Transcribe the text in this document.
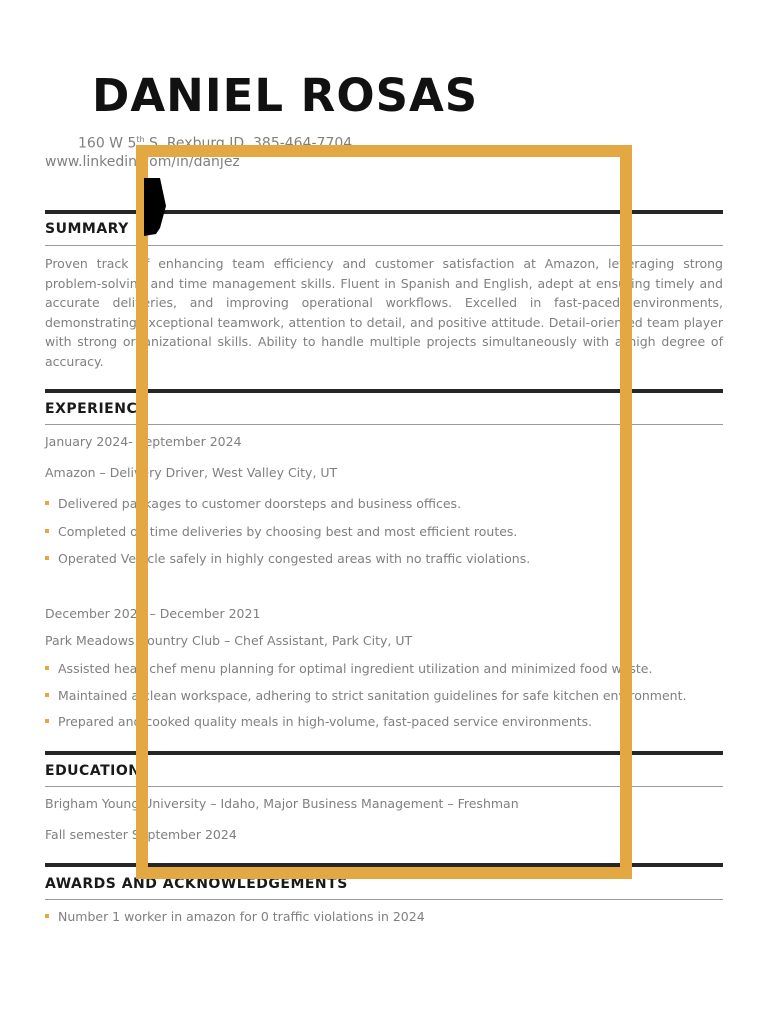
DANIEL ROSAS
160 W 5th S, Rexburg ID, 385-464-7704,
www.linkedin.com/in/danjez
SUMMARY
Proven track of enhancing team efficiency and customer satisfaction at Amazon, leveraging strong problem-solving and time management skills. Fluent in Spanish and English, adept at ensuring timely and accurate deliveries, and improving operational workflows. Excelled in fast-paced environments, demonstrating exceptional teamwork, attention to detail, and positive attitude. Detail-oriented team player with strong organizational skills. Ability to handle multiple projects simultaneously with a high degree of accuracy.
EXPERIENCE
January 2024- September 2024
Amazon – Delivery Driver, West Valley City, UT
Delivered packages to customer doorsteps and business offices.
Completed on time deliveries by choosing best and most efficient routes.
Operated Vehicle safely in highly congested areas with no traffic violations.
December 2020 – December 2021
Park Meadows Country Club – Chef Assistant, Park City, UT
Assisted head chef menu planning for optimal ingredient utilization and minimized food waste.
Maintained a clean workspace, adhering to strict sanitation guidelines for safe kitchen environment.
Prepared and cooked quality meals in high-volume, fast-paced service environments.
EDUCATION
Brigham Young University – Idaho, Major Business Management – Freshman
Fall semester September 2024
AWARDS AND ACKNOWLEDGEMENTS
Number 1 worker in amazon for 0 traffic violations in 2024
